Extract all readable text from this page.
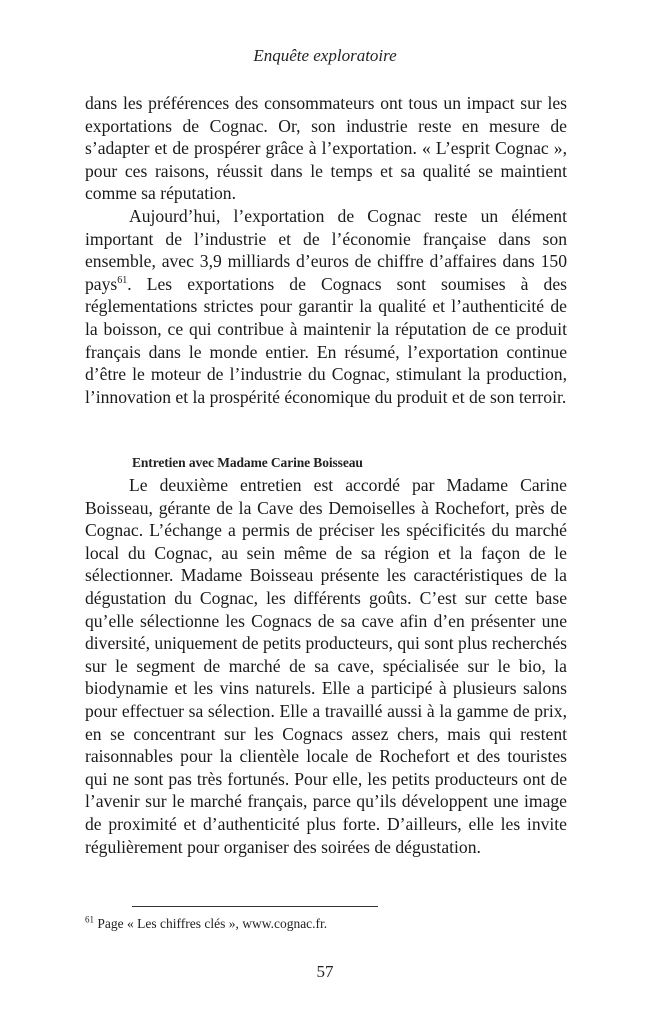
Enquête exploratoire

dans les préférences des consommateurs ont tous un impact sur les exportations de Cognac. Or, son industrie reste en mesure de s’adapter et de prospérer grâce à l’exportation. « L’esprit Cognac », pour ces raisons, réussit dans le temps et sa qualité se maintient comme sa réputation.

Aujourd’hui, l’exportation de Cognac reste un élément important de l’industrie et de l’économie française dans son ensemble, avec 3,9 milliards d’euros de chiffre d’affaires dans 150 pays$^{61}$. Les exportations de Cognacs sont soumises à des réglementations strictes pour garantir la qualité et l’authenticité de la boisson, ce qui contribue à maintenir la réputation de ce produit français dans le monde entier. En résumé, l’exportation continue d’être le moteur de l’industrie du Cognac, stimulant la production, l’innovation et la prospérité économique du produit et de son terroir.

Entretien avec Madame Carine Boisseau

Le deuxième entretien est accordé par Madame Carine Boisseau, gérante de la Cave des Demoiselles à Rochefort, près de Cognac. L’échange a permis de préciser les spécificités du marché local du Cognac, au sein même de sa région et la façon de le sélectionner. Madame Boisseau présente les caractéristiques de la dégustation du Cognac, les différents goûts. C’est sur cette base qu’elle sélectionne les Cognacs de sa cave afin d’en présenter une diversité, uniquement de petits producteurs, qui sont plus recherchés sur le segment de marché de sa cave, spécialisée sur le bio, la biodynamie et les vins naturels. Elle a participé à plusieurs salons pour effectuer sa sélection. Elle a travaillé aussi à la gamme de prix, en se concentrant sur les Cognacs assez chers, mais qui restent raisonnables pour la clientèle locale de Rochefort et des touristes qui ne sont pas très fortunés. Pour elle, les petits producteurs ont de l’avenir sur le marché français, parce qu’ils développent une image de proximité et d’authenticité plus forte. D’ailleurs, elle les invite régulièrement pour organiser des soirées de dégustation.

$^{61}$ Page « Les chiffres clés », www.cognac.fr.
57
